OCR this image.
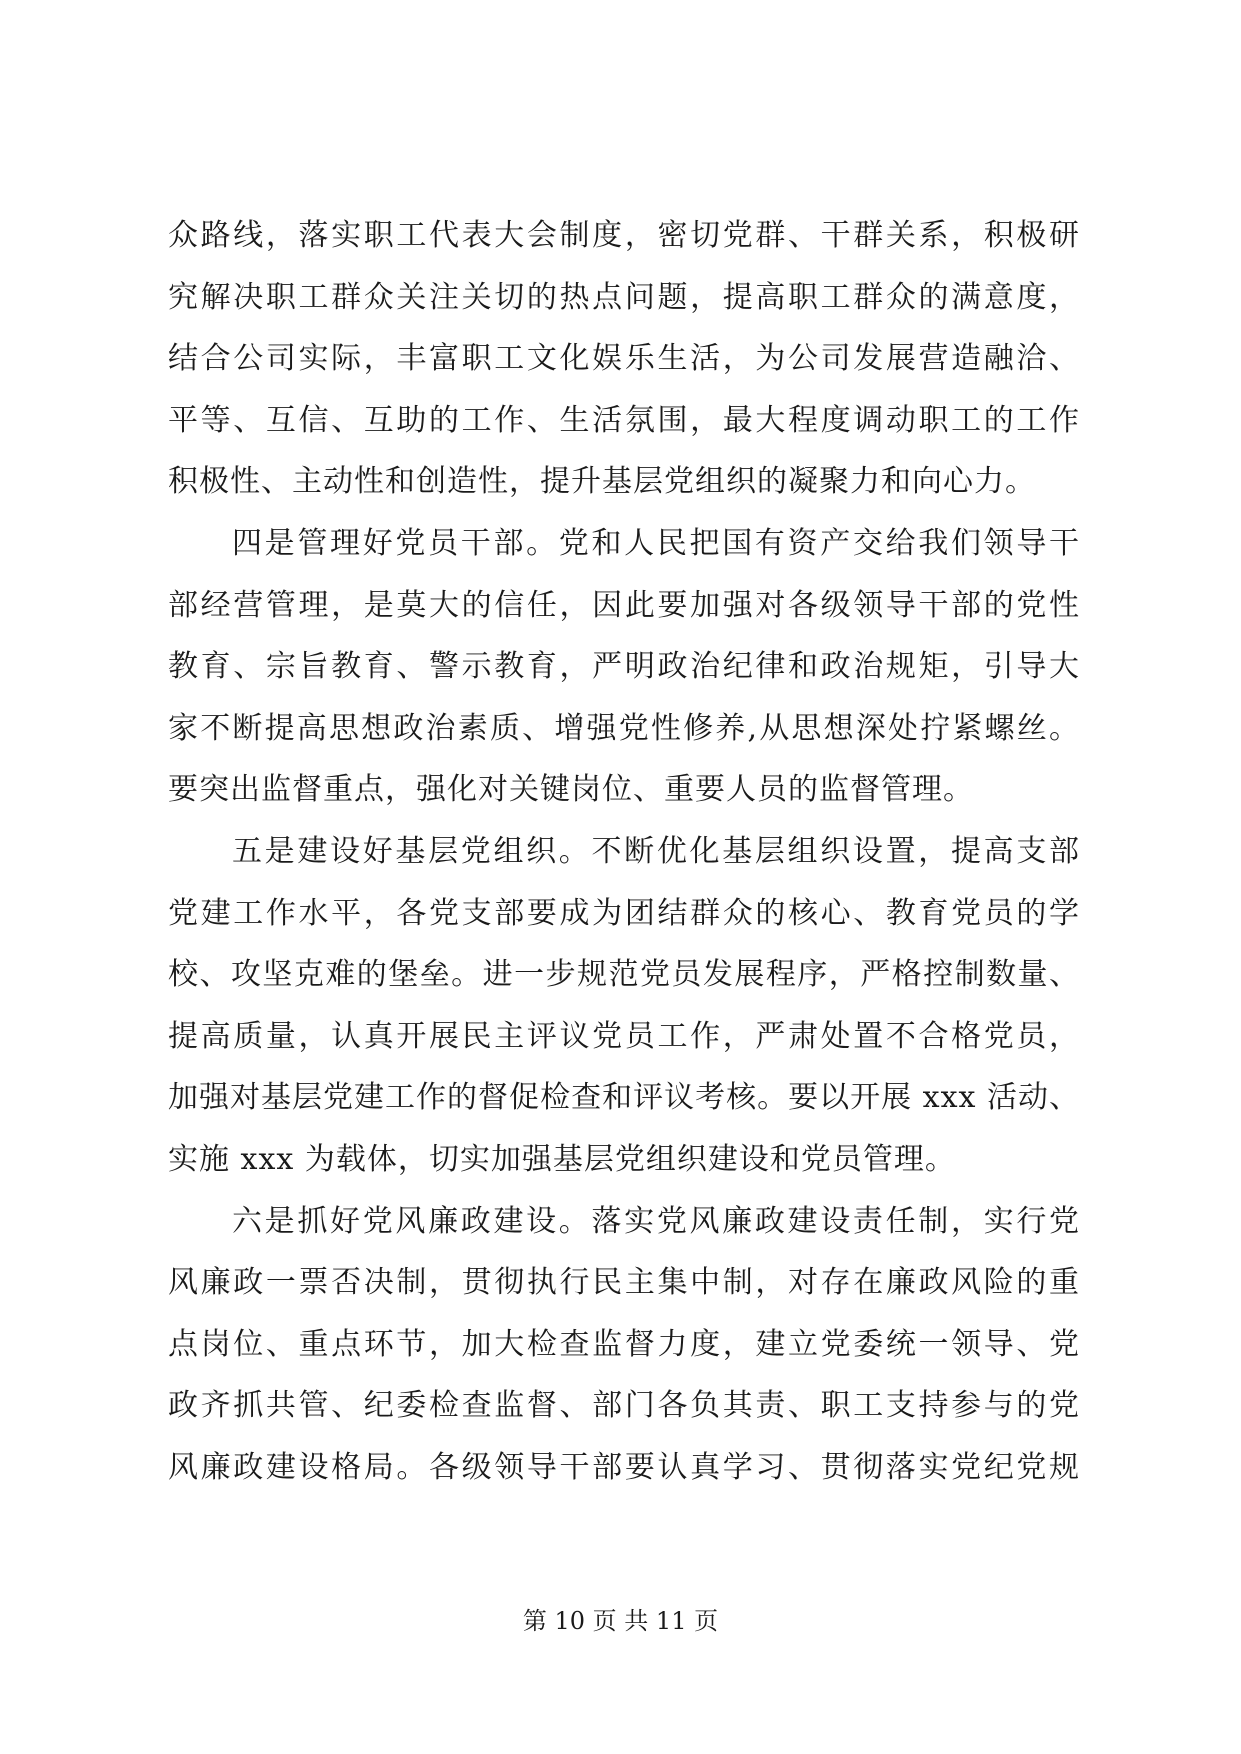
众路线，落实职工代表大会制度，密切党群、干群关系，积极研
究解决职工群众关注关切的热点问题，提高职工群众的满意度，
结合公司实际，丰富职工文化娱乐生活，为公司发展营造融洽、
平等、互信、互助的工作、生活氛围，最大程度调动职工的工作
积极性、主动性和创造性，提升基层党组织的凝聚力和向心力。
四是管理好党员干部。党和人民把国有资产交给我们领导干
部经营管理，是莫大的信任，因此要加强对各级领导干部的党性
教育、宗旨教育、警示教育，严明政治纪律和政治规矩，引导大
家不断提高思想政治素质、增强党性修养,从思想深处拧紧螺丝。
要突出监督重点，强化对关键岗位、重要人员的监督管理。
五是建设好基层党组织。不断优化基层组织设置，提高支部
党建工作水平，各党支部要成为团结群众的核心、教育党员的学
校、攻坚克难的堡垒。进一步规范党员发展程序，严格控制数量、
提高质量，认真开展民主评议党员工作，严肃处置不合格党员，
加强对基层党建工作的督促检查和评议考核。要以开展 xxx 活动、
实施 xxx 为载体，切实加强基层党组织建设和党员管理。
六是抓好党风廉政建设。落实党风廉政建设责任制，实行党
风廉政一票否决制，贯彻执行民主集中制，对存在廉政风险的重
点岗位、重点环节，加大检查监督力度，建立党委统一领导、党
政齐抓共管、纪委检查监督、部门各负其责、职工支持参与的党
风廉政建设格局。各级领导干部要认真学习、贯彻落实党纪党规
第 10 页 共 11 页
